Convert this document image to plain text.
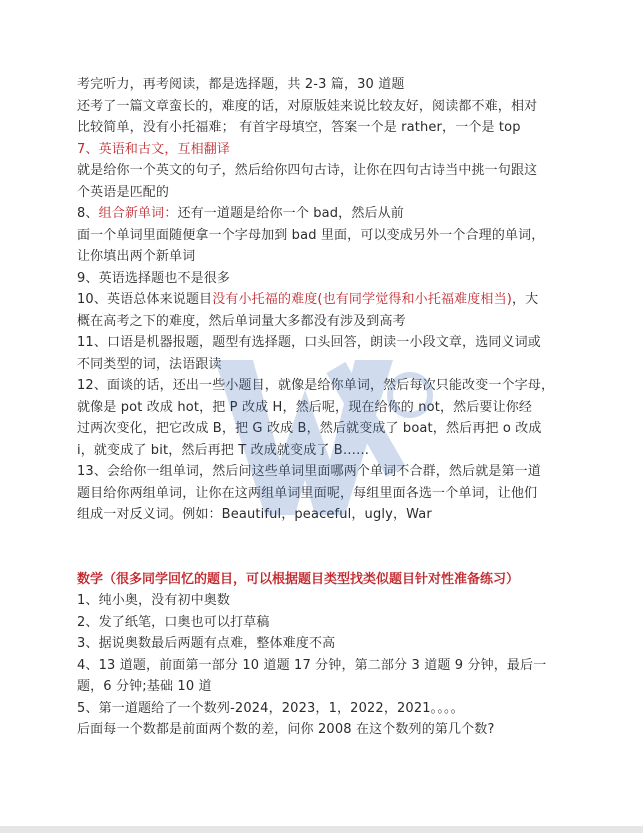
考完听力，再考阅读，都是选择题，共 2-3 篇，30 道题
还考了一篇文章蛮长的，难度的话，对原版娃来说比较友好，阅读都不难，相对
比较简单，没有小托福难； 有首字母填空，答案一个是 rather，一个是 top
7、英语和古文，互相翻译
就是给你一个英文的句子，然后给你四句古诗，让你在四句古诗当中挑一句跟这
个英语是匹配的
8、组合新单词：还有一道题是给你一个 bad，然后从前
面一个单词里面随便拿一个字母加到 bad 里面，可以变成另外一个合理的单词，
让你填出两个新单词
9、英语选择题也不是很多
10、英语总体来说题目没有小托福的难度(也有同学觉得和小托福难度相当)，大
概在高考之下的难度，然后单词量大多都没有涉及到高考
11、口语是机器报题，题型有选择题，口头回答，朗读一小段文章，选同义词或
不同类型的词，法语跟读
12、面谈的话，还出一些小题目，就像是给你单词，然后每次只能改变一个字母，
就像是 pot 改成 hot，把 P 改成 H，然后呢，现在给你的 not，然后要让你经
过两次变化，把它改成 B，把 G 改成 B，然后就变成了 boat，然后再把 o 改成
i，就变成了 bit，然后再把 T 改成就变成了 B……
13、会给你一组单词，然后问这些单词里面哪两个单词不合群，然后就是第一道
题目给你两组单词，让你在这两组单词里面呢，每组里面各选一个单词，让他们
组成一对反义词。例如：Beautiful，peaceful，ugly，War
数学（很多同学回忆的题目，可以根据题目类型找类似题目针对性准备练习）
1、纯小奥，没有初中奥数
2、发了纸笔，口奥也可以打草稿
3、据说奥数最后两题有点难，整体难度不高
4、13 道题，前面第一部分 10 道题 17 分钟，第二部分 3 道题 9 分钟，最后一
题，6 分钟;基础 10 道
5、第一道题给了一个数列-2024，2023，1，2022，2021。。。。
后面每一个数都是前面两个数的差，问你 2008 在这个数列的第几个数?
